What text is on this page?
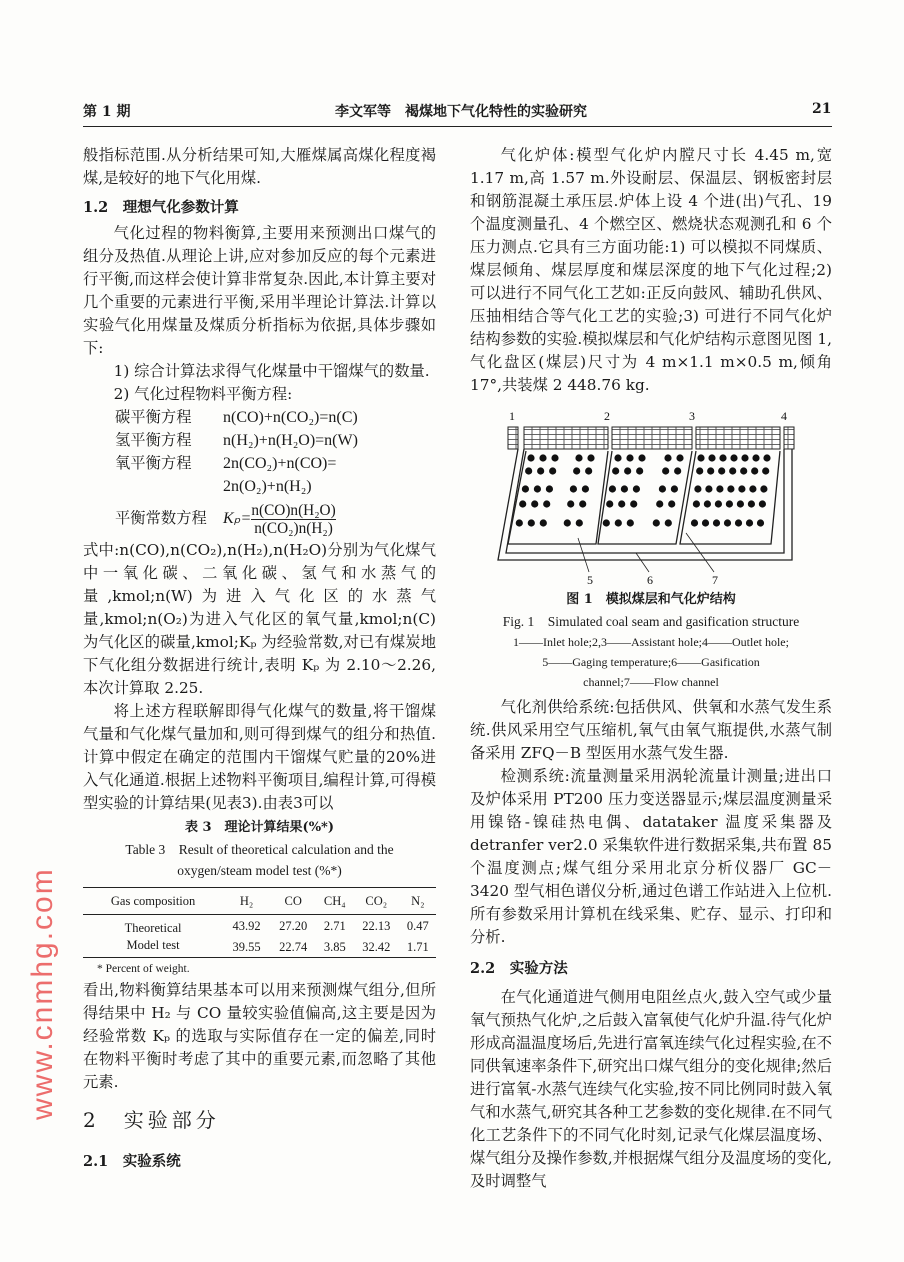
第 1 期	李文军等　褐煤地下气化特性的实验研究	21

般指标范围.从分析结果可知,大雁煤属高煤化程度褐煤,是较好的地下气化用煤.

1.2　理想气化参数计算

气化过程的物料衡算,主要用来预测出口煤气的组分及热值.从理论上讲,应对参加反应的每个元素进行平衡,而这样会使计算非常复杂.因此,本计算主要对几个重要的元素进行平衡,采用半理论计算法.计算以实验气化用煤量及煤质分析指标为依据,具体步骤如下:

1) 综合计算法求得气化煤量中干馏煤气的数量.

2) 气化过程物料平衡方程:

碳平衡方程 n(CO)+n(CO₂)=n(C)
氢平衡方程 n(H₂)+n(H₂O)=n(W)
氧平衡方程 2n(CO₂)+n(CO)=
2n(O₂)+n(H₂)
平衡常数方程 $K_p= \frac{\text{n(CO)n(H₂O)}}{\text{n(CO₂)n(H₂)}}$

式中:n(CO),n(CO₂),n(H₂),n(H₂O)分别为气化煤气中一氧化碳、二氧化碳、氢气和水蒸气的量,kmol;n(W)为进入气化区的水蒸气量,kmol;n(O₂)为进入气化区的氧气量,kmol;n(C)为气化区的碳量,kmol;Kₚ 为经验常数,对已有煤炭地下气化组分数据进行统计,表明 Kₚ 为 2.10～2.26,本次计算取 2.25.

将上述方程联解即得气化煤气的数量,将干馏煤气量和气化煤气量加和,则可得到煤气的组分和热值.计算中假定在确定的范围内干馏煤气贮量的20%进入气化通道.根据上述物料平衡项目,编程计算,可得模型实验的计算结果(见表3).由表3可以

表 3　理论计算结果(%*)
Table 3　Result of theoretical calculation and the
oxygen/steam model test (%*)
Gas composition	H₂	CO	CH₄	CO₂	N₂
Theoretical	43.92	27.20	2.71	22.13	0.47
Model test	39.55	22.74	3.85	32.42	1.71
* Percent of weight.

看出,物料衡算结果基本可以用来预测煤气组分,但所得结果中 H₂ 与 CO 量较实验值偏高,这主要是因为经验常数 Kₚ 的选取与实际值存在一定的偏差,同时在物料平衡时考虑了其中的重要元素,而忽略了其他元素.

2　实验部分

2.1　实验系统

气化炉体:模型气化炉内膛尺寸长 4.45 m,宽 1.17 m,高 1.57 m.外设耐层、保温层、钢板密封层和钢筋混凝土承压层.炉体上设 4 个进(出)气孔、19 个温度测量孔、4 个燃空区、燃烧状态观测孔和 6 个压力测点.它具有三方面功能:1) 可以模拟不同煤质、煤层倾角、煤层厚度和煤层深度的地下气化过程;2) 可以进行不同气化工艺如:正反向鼓风、辅助孔供风、压抽相结合等气化工艺的实验;3) 可进行不同气化炉结构参数的实验.模拟煤层和气化炉结构示意图见图 1,气化盘区(煤层)尺寸为 4 m×1.1 m×0.5 m,倾角 17°,共装煤 2 448.76 kg.

1	2	3	4
5	6	7
图 1　模拟煤层和气化炉结构
Fig. 1　Simulated coal seam and gasification structure
1——Inlet hole;2,3——Assistant hole;4——Outlet hole;
5——Gaging temperature;6——Gasification
channel;7——Flow channel

气化剂供给系统:包括供风、供氧和水蒸气发生系统.供风采用空气压缩机,氧气由氧气瓶提供,水蒸气制备采用 ZFQ－B 型医用水蒸气发生器.

检测系统:流量测量采用涡轮流量计测量;进出口及炉体采用 PT200 压力变送器显示;煤层温度测量采用镍铬-镍硅热电偶、datataker 温度采集器及 detranfer ver2.0 采集软件进行数据采集,共布置 85 个温度测点;煤气组分采用北京分析仪器厂 GC－3420 型气相色谱仪分析,通过色谱工作站进入上位机.所有参数采用计算机在线采集、贮存、显示、打印和分析.

2.2　实验方法

在气化通道进气侧用电阻丝点火,鼓入空气或少量氧气预热气化炉,之后鼓入富氧使气化炉升温.待气化炉形成高温温度场后,先进行富氧连续气化过程实验,在不同供氧速率条件下,研究出口煤气组分的变化规律;然后进行富氧-水蒸气连续气化实验,按不同比例同时鼓入氧气和水蒸气,研究其各种工艺参数的变化规律.在不同气化工艺条件下的不同气化时刻,记录气化煤层温度场、煤气组分及操作参数,并根据煤气组分及温度场的变化,及时调整气

www.cnmhg.com
